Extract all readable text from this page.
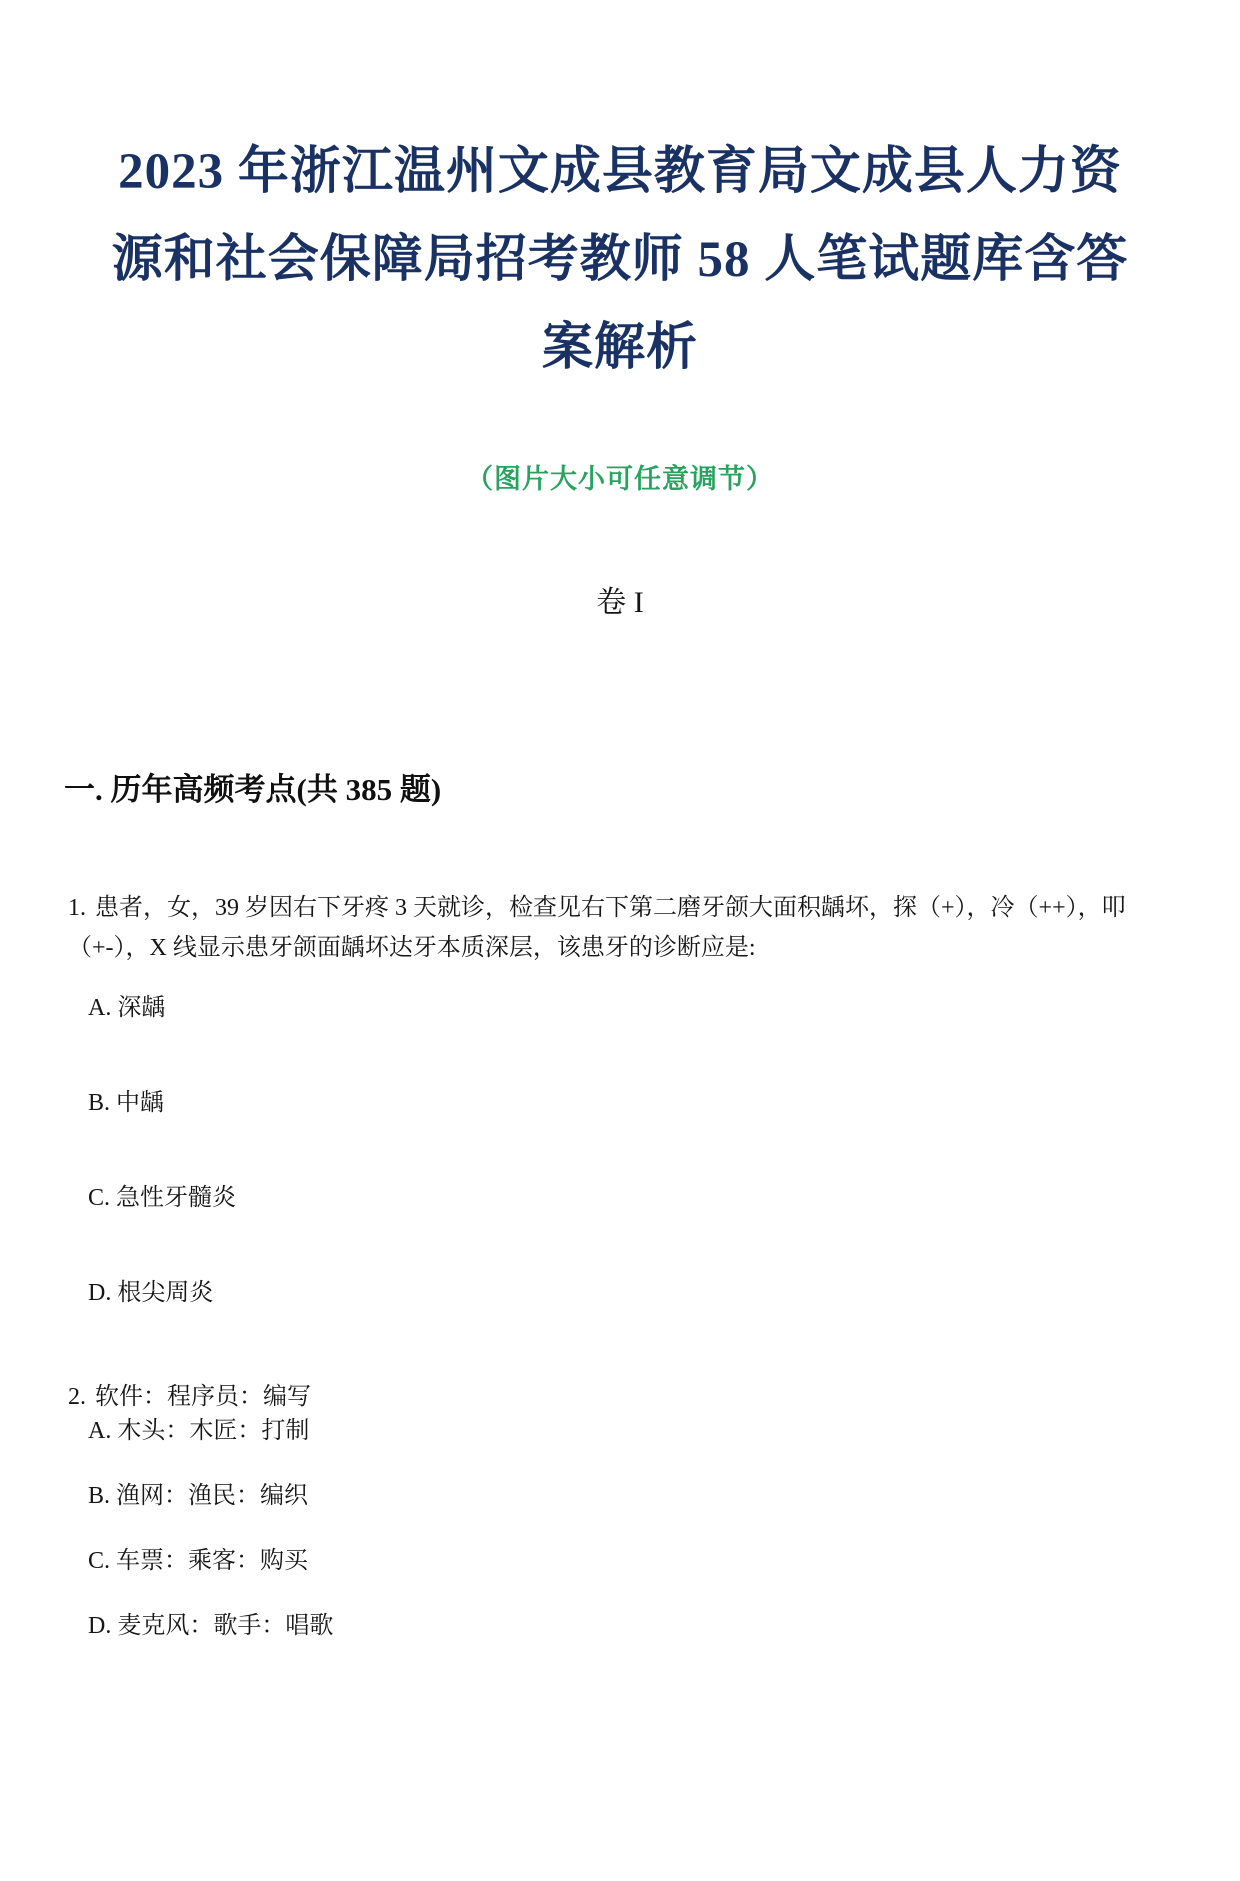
2023 年浙江温州文成县教育局文成县人力资
源和社会保障局招考教师 58 人笔试题库含答
案解析

（图片大小可任意调节）

卷 I

一. 历年高频考点(共 385 题)

1. 患者，女，39 岁因右下牙疼 3 天就诊，检查见右下第二磨牙颌大面积龋坏，探（+），冷（++），叩（+-），X 线显示患牙颌面龋坏达牙本质深层，该患牙的诊断应是:

A. 深龋

B. 中龋

C. 急性牙髓炎

D. 根尖周炎

2. 软件：程序员：编写

A. 木头：木匠：打制

B. 渔网：渔民：编织

C. 车票：乘客：购买

D. 麦克风：歌手：唱歌
